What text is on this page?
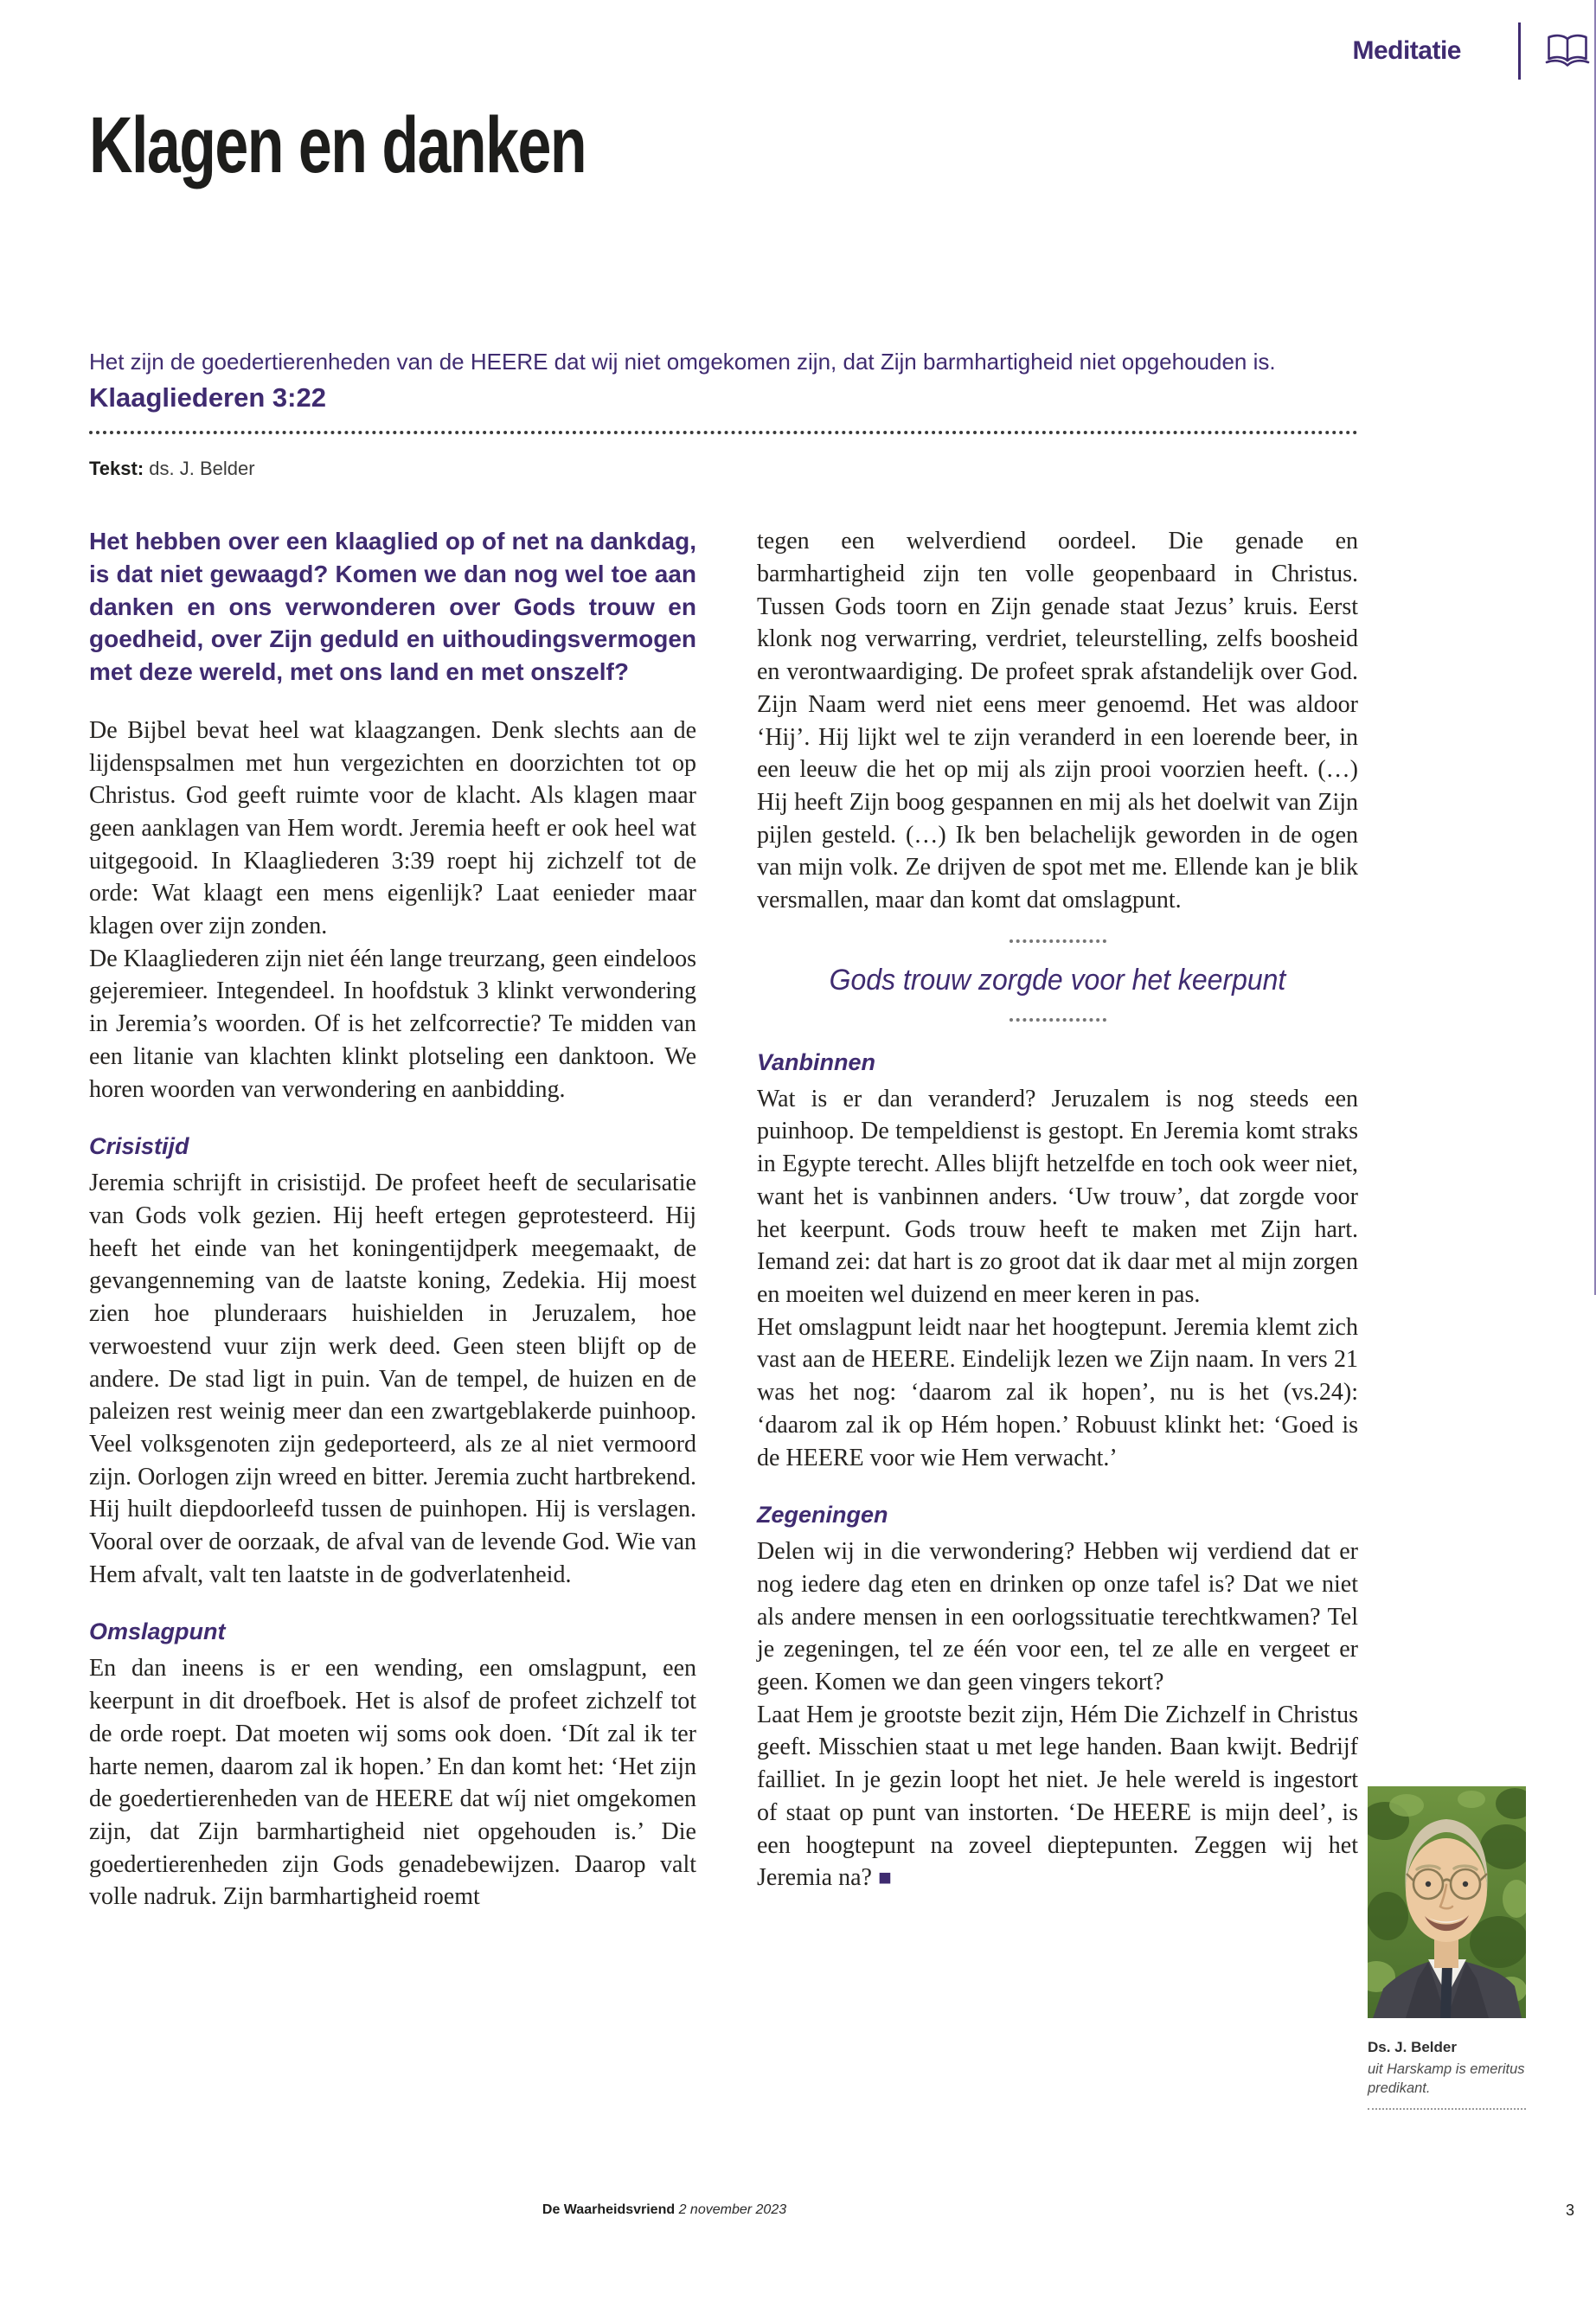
Meditatie
Klagen en danken

Het zijn de goedertierenheden van de HEERE dat wij niet omgekomen zijn, dat Zijn barmhartigheid niet opgehouden is.

Klaagliederen 3:22

Tekst: ds. J. Belder

Het hebben over een klaaglied op of net na dankdag, is dat niet gewaagd? Komen we dan nog wel toe aan danken en ons verwonderen over Gods trouw en goedheid, over Zijn geduld en uithoudingsvermogen met deze wereld, met ons land en met onszelf?

De Bijbel bevat heel wat klaagzangen. Denk slechts aan de lijdenspsalmen met hun vergezichten en doorzichten tot op Christus. God geeft ruimte voor de klacht. Als klagen maar geen aanklagen van Hem wordt. Jeremia heeft er ook heel wat uitgegooid. In Klaagliederen 3:39 roept hij zichzelf tot de orde: Wat klaagt een mens eigenlijk? Laat eenieder maar klagen over zijn zonden.

De Klaagliederen zijn niet één lange treurzang, geen eindeloos gejeremieer. Integendeel. In hoofdstuk 3 klinkt verwondering in Jeremia’s woorden. Of is het zelfcorrectie? Te midden van een litanie van klachten klinkt plotseling een danktoon. We horen woorden van verwondering en aanbidding.

Crisistijd

Jeremia schrijft in crisistijd. De profeet heeft de secularisatie van Gods volk gezien. Hij heeft ertegen geprotesteerd. Hij heeft het einde van het koningentijdperk meegemaakt, de gevangenneming van de laatste koning, Zedekia. Hij moest zien hoe plunderaars huishielden in Jeruzalem, hoe verwoestend vuur zijn werk deed. Geen steen blijft op de andere. De stad ligt in puin. Van de tempel, de huizen en de paleizen rest weinig meer dan een zwartgeblakerde puinhoop. Veel volksgenoten zijn gedeporteerd, als ze al niet vermoord zijn. Oorlogen zijn wreed en bitter. Jeremia zucht hartbrekend. Hij huilt diepdoorleefd tussen de puinhopen. Hij is verslagen. Vooral over de oorzaak, de afval van de levende God. Wie van Hem afvalt, valt ten laatste in de godverlatenheid.

Omslagpunt

En dan ineens is er een wending, een omslagpunt, een keerpunt in dit droefboek. Het is alsof de profeet zichzelf tot de orde roept. Dat moeten wij soms ook doen. ‘Dít zal ik ter harte nemen, daarom zal ik hopen.’ En dan komt het: ‘Het zijn de goedertierenheden van de HEERE dat wíj niet omgekomen zijn, dat Zijn barmhartigheid niet opgehouden is.’ Die goedertierenheden zijn Gods genadebewijzen. Daarop valt volle nadruk. Zijn barmhartigheid roemt

tegen een welverdiend oordeel. Die genade en barmhartigheid zijn ten volle geopenbaard in Christus. Tussen Gods toorn en Zijn genade staat Jezus’ kruis. Eerst klonk nog verwarring, verdriet, teleurstelling, zelfs boosheid en verontwaardiging. De profeet sprak afstandelijk over God. Zijn Naam werd niet eens meer genoemd. Het was aldoor ‘Hij’. Hij lijkt wel te zijn veranderd in een loerende beer, in een leeuw die het op mij als zijn prooi voorzien heeft. (…) Hij heeft Zijn boog gespannen en mij als het doelwit van Zijn pijlen gesteld. (…) Ik ben belachelijk geworden in de ogen van mijn volk. Ze drijven de spot met me. Ellende kan je blik versmallen, maar dan komt dat omslagpunt.

Gods trouw zorgde voor het keerpunt
Vanbinnen

Wat is er dan veranderd? Jeruzalem is nog steeds een puinhoop. De tempeldienst is gestopt. En Jeremia komt straks in Egypte terecht. Alles blijft hetzelfde en toch ook weer niet, want het is vanbinnen anders. ‘Uw trouw’, dat zorgde voor het keerpunt. Gods trouw heeft te maken met Zijn hart. Iemand zei: dat hart is zo groot dat ik daar met al mijn zorgen en moeiten wel duizend en meer keren in pas.

Het omslagpunt leidt naar het hoogtepunt. Jeremia klemt zich vast aan de HEERE. Eindelijk lezen we Zijn naam. In vers 21 was het nog: ‘daarom zal ik hopen’, nu is het (vs.24): ‘daarom zal ik op Hém hopen.’ Robuust klinkt het: ‘Goed is de HEERE voor wie Hem verwacht.’

Zegeningen

Delen wij in die verwondering? Hebben wij verdiend dat er nog iedere dag eten en drinken op onze tafel is? Dat we niet als andere mensen in een oorlogssituatie terechtkwamen? Tel je zegeningen, tel ze één voor een, tel ze alle en vergeet er geen. Komen we dan geen vingers tekort?

Laat Hem je grootste bezit zijn, Hém Die Zichzelf in Christus geeft. Misschien staat u met lege handen. Baan kwijt. Bedrijf failliet. In je gezin loopt het niet. Je hele wereld is ingestort of staat op punt van instorten. ‘De HEERE is mijn deel’, is een hoogtepunt na zoveel dieptepunten. Zeggen wij het Jeremia na? ■

Ds. J. Belder

uit Harskamp is emeritus predikant.

De Waarheidsvriend 2 november 2023	3
